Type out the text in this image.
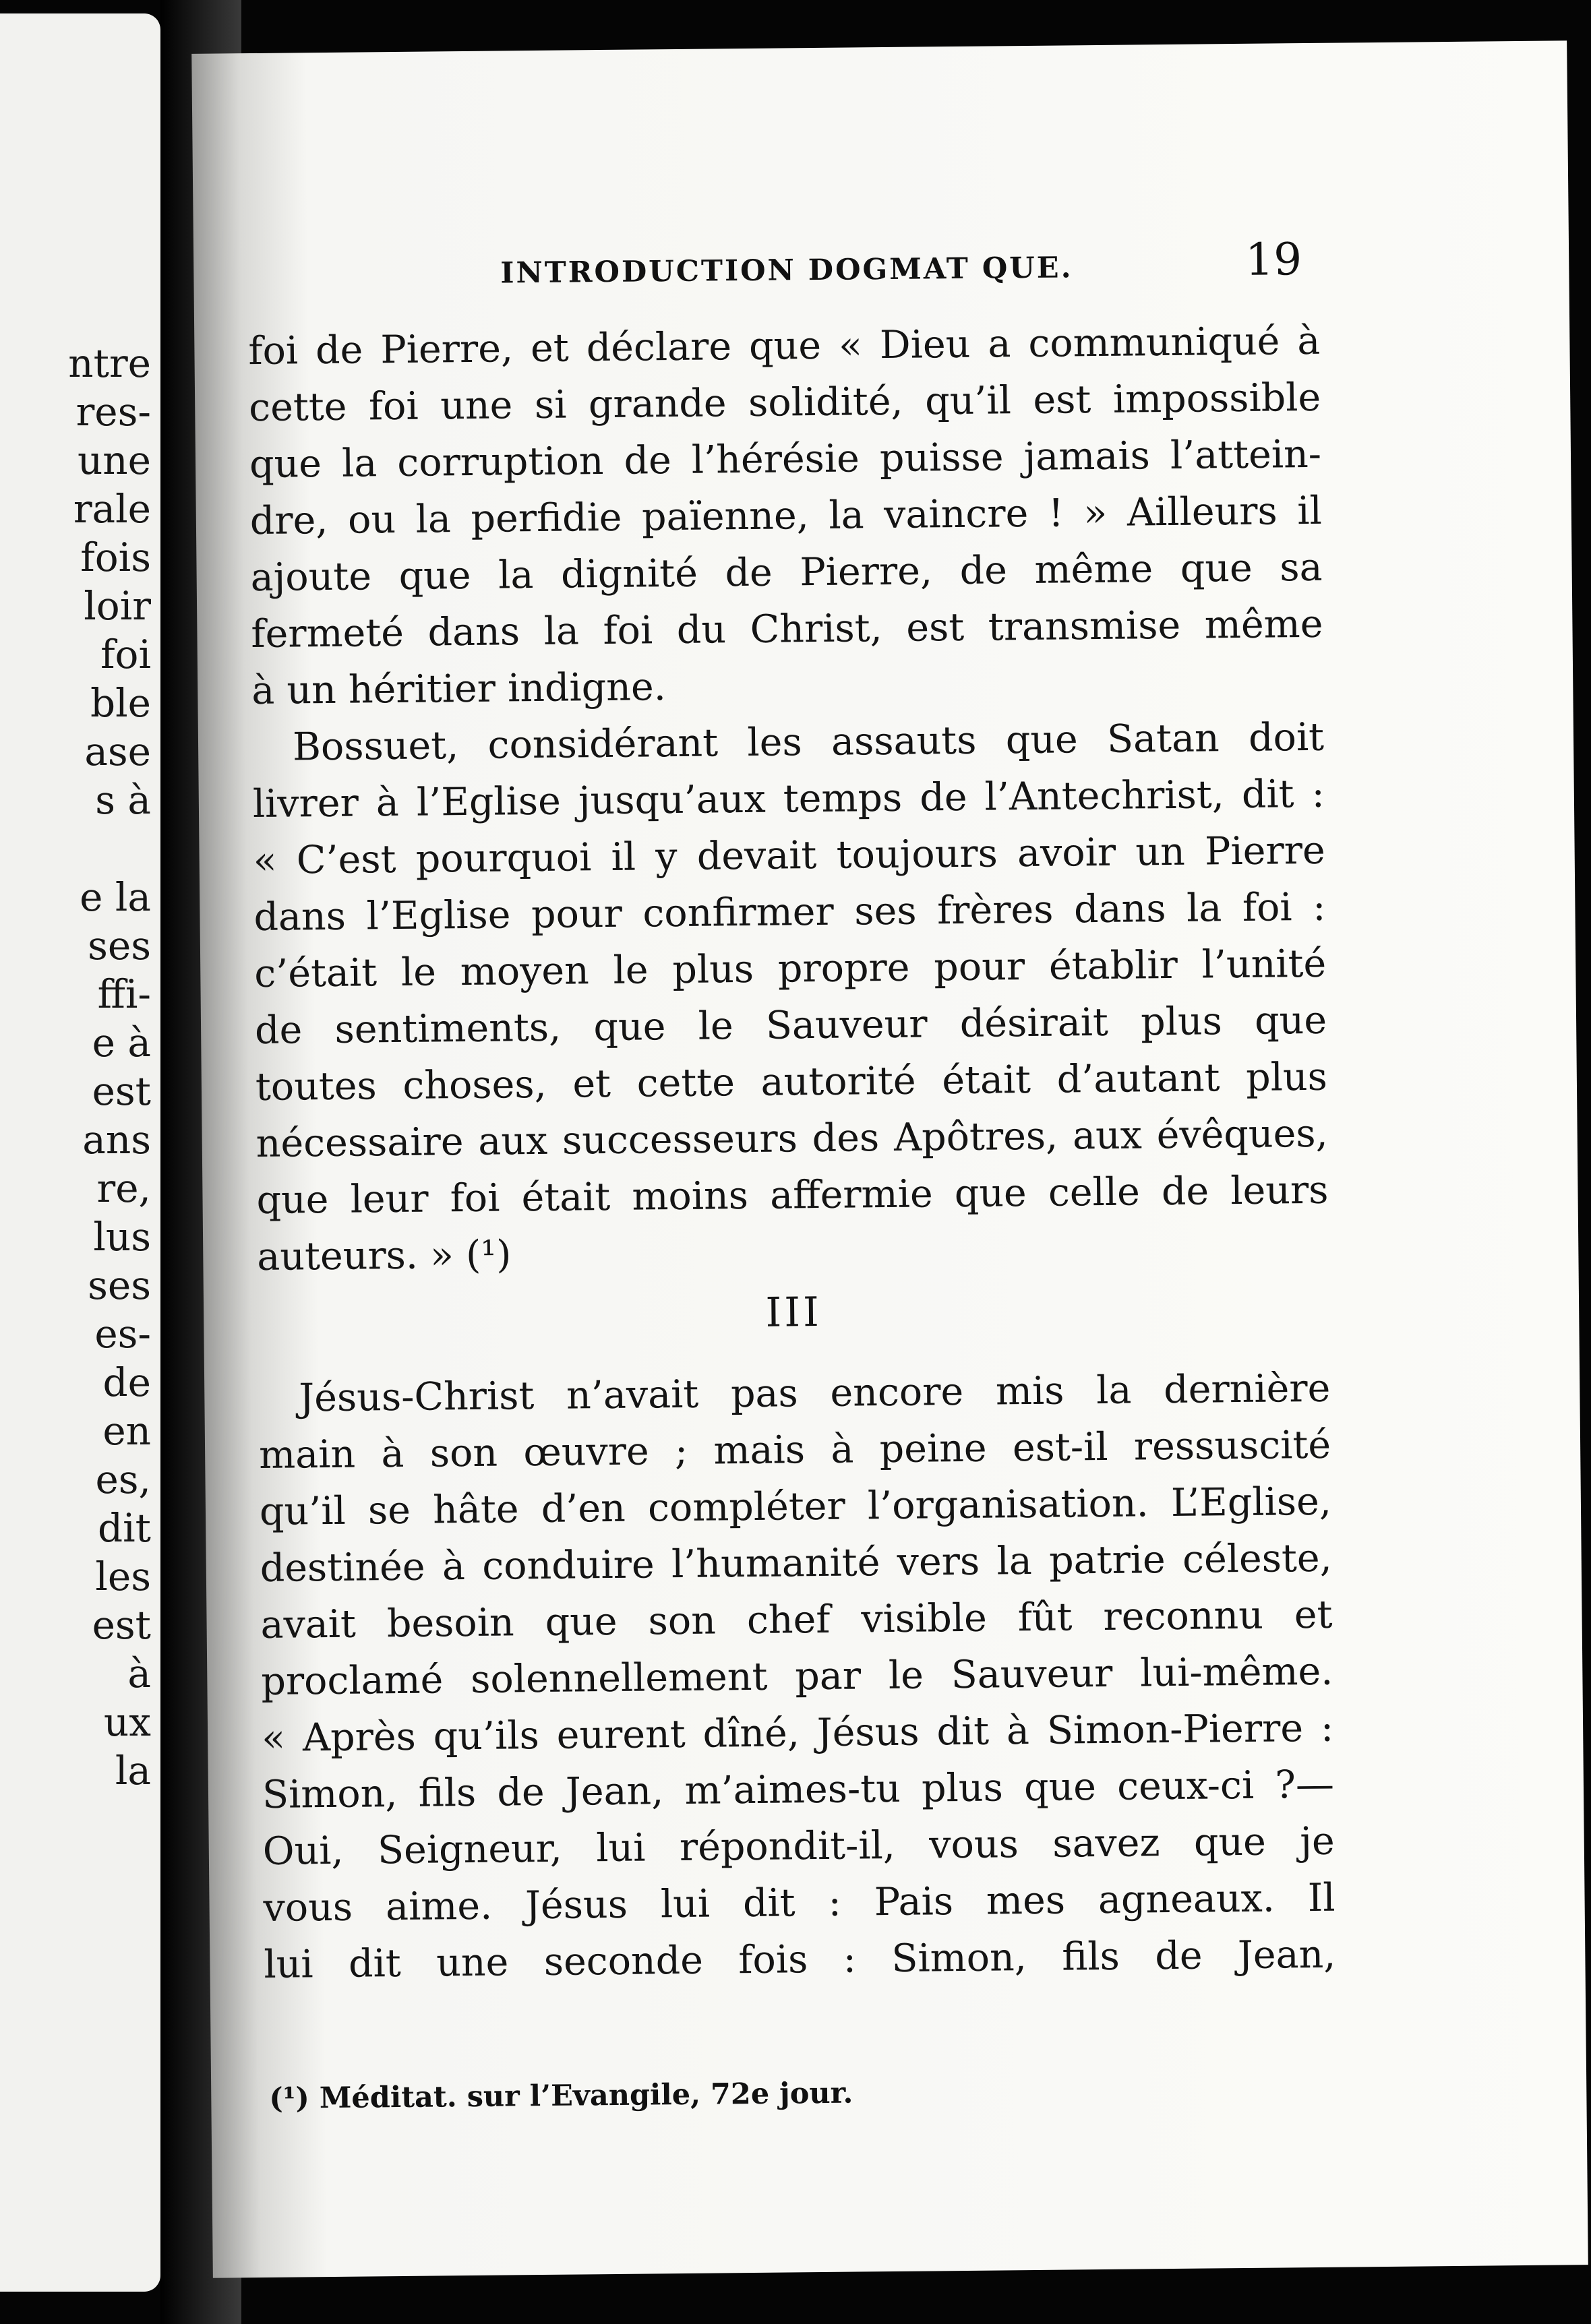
ntre
res-
une
rale
fois
loir
foi
ble
ase
s à
e la
ses
ffi-
e à
est
ans
re,
lus
ses
es-
de
en
es,
dit
les
est
à
ux
la
INTRODUCTION DOGMAT QUE.	19
foi de Pierre, et déclare que « Dieu a communiqué à
cette foi une si grande solidité, qu’il est impossible
que la corruption de l’hérésie puisse jamais l’attein-
dre, ou la perfidie païenne, la vaincre ! » Ailleurs il
ajoute que la dignité de Pierre, de même que sa
fermeté dans la foi du Christ, est transmise même
à un héritier indigne.
Bossuet, considérant les assauts que Satan doit
livrer à l’Eglise jusqu’aux temps de l’Antechrist, dit :
« C’est pourquoi il y devait toujours avoir un Pierre
dans l’Eglise pour confirmer ses frères dans la foi :
c’était le moyen le plus propre pour établir l’unité
de sentiments, que le Sauveur désirait plus que
toutes choses, et cette autorité était d’autant plus
nécessaire aux successeurs des Apôtres, aux évêques,
que leur foi était moins affermie que celle de leurs
auteurs. » (¹)
III
Jésus-Christ n’avait pas encore mis la dernière
main à son œuvre ; mais à peine est-il ressuscité
qu’il se hâte d’en compléter l’organisation. L’Eglise,
destinée à conduire l’humanité vers la patrie céleste,
avait besoin que son chef visible fût reconnu et
proclamé solennellement par le Sauveur lui-même.
« Après qu’ils eurent dîné, Jésus dit à Simon-Pierre :
Simon, fils de Jean, m’aimes-tu plus que ceux-ci ?—
Oui, Seigneur, lui répondit-il, vous savez que je
vous aime. Jésus lui dit : Pais mes agneaux. Il
lui dit une seconde fois : Simon, fils de Jean,
(¹) Méditat. sur l’Evangile, 72e jour.
